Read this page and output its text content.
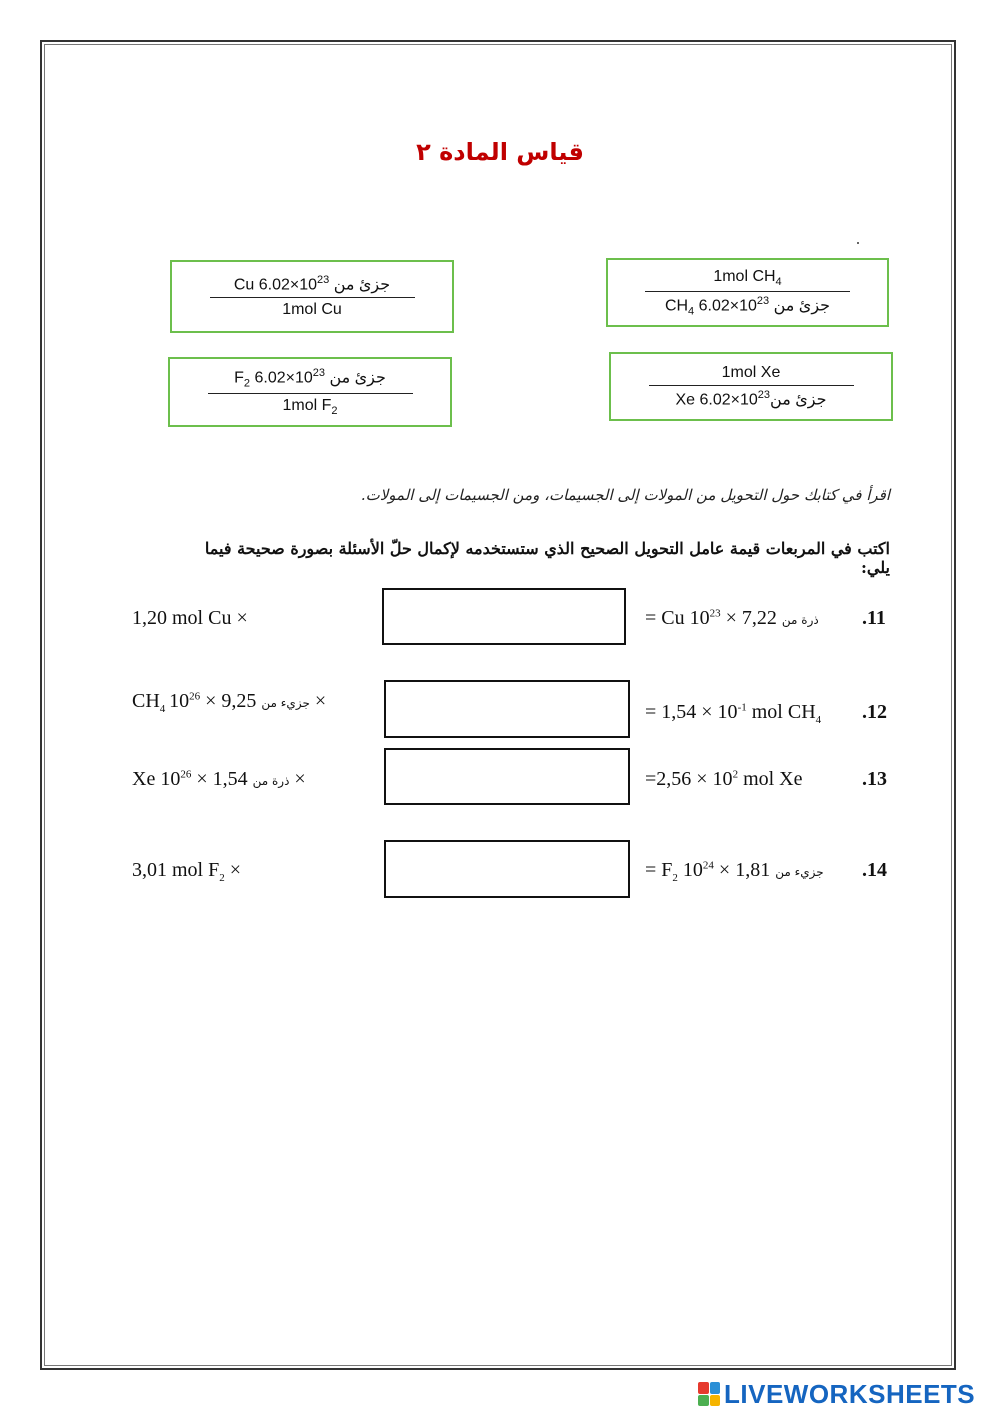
قياس المادة ٢
Cu	جزئ من $10^{23}\times 6.02$
1mol Cu
1mol $CH_4$
$CH_4$ جزئ من $10^{23}\times 6.02$
$F_2$ جزئ من $10^{23}\times 6.02$
1mol $F_2$
1mol Xe
Xe	جزئ $من10^{23}\times 6.02$
اقرأ في كتابك حول التحويل من المولات إلى الجسيمات، ومن الجسيمات إلى المولات.
اكتب في المربعات قيمة عامل التحويل الصحيح الذي ستستخدمه لإكمال حلّ الأسئلة بصورة صحيحة فيما يلي:
.11
= Cu	ذرة من $7,22 \times 10^{23}$
1,20 mol Cu ×
.12
= $1,54 \times 10^{-1}$ mol $CH_4$
$CH_4$ جزيء من $9,25 \times 10^{26}$	×
.13
$=2,56 \times 10^2$ mol Xe
Xe	ذرة من $1,54 \times 10^{26}$	×
.14
= $F_2$	جزيء من $1,81 \times 10^{24}$
3,01 mol $F_2$ ×
LIVEWORKSHEETS
